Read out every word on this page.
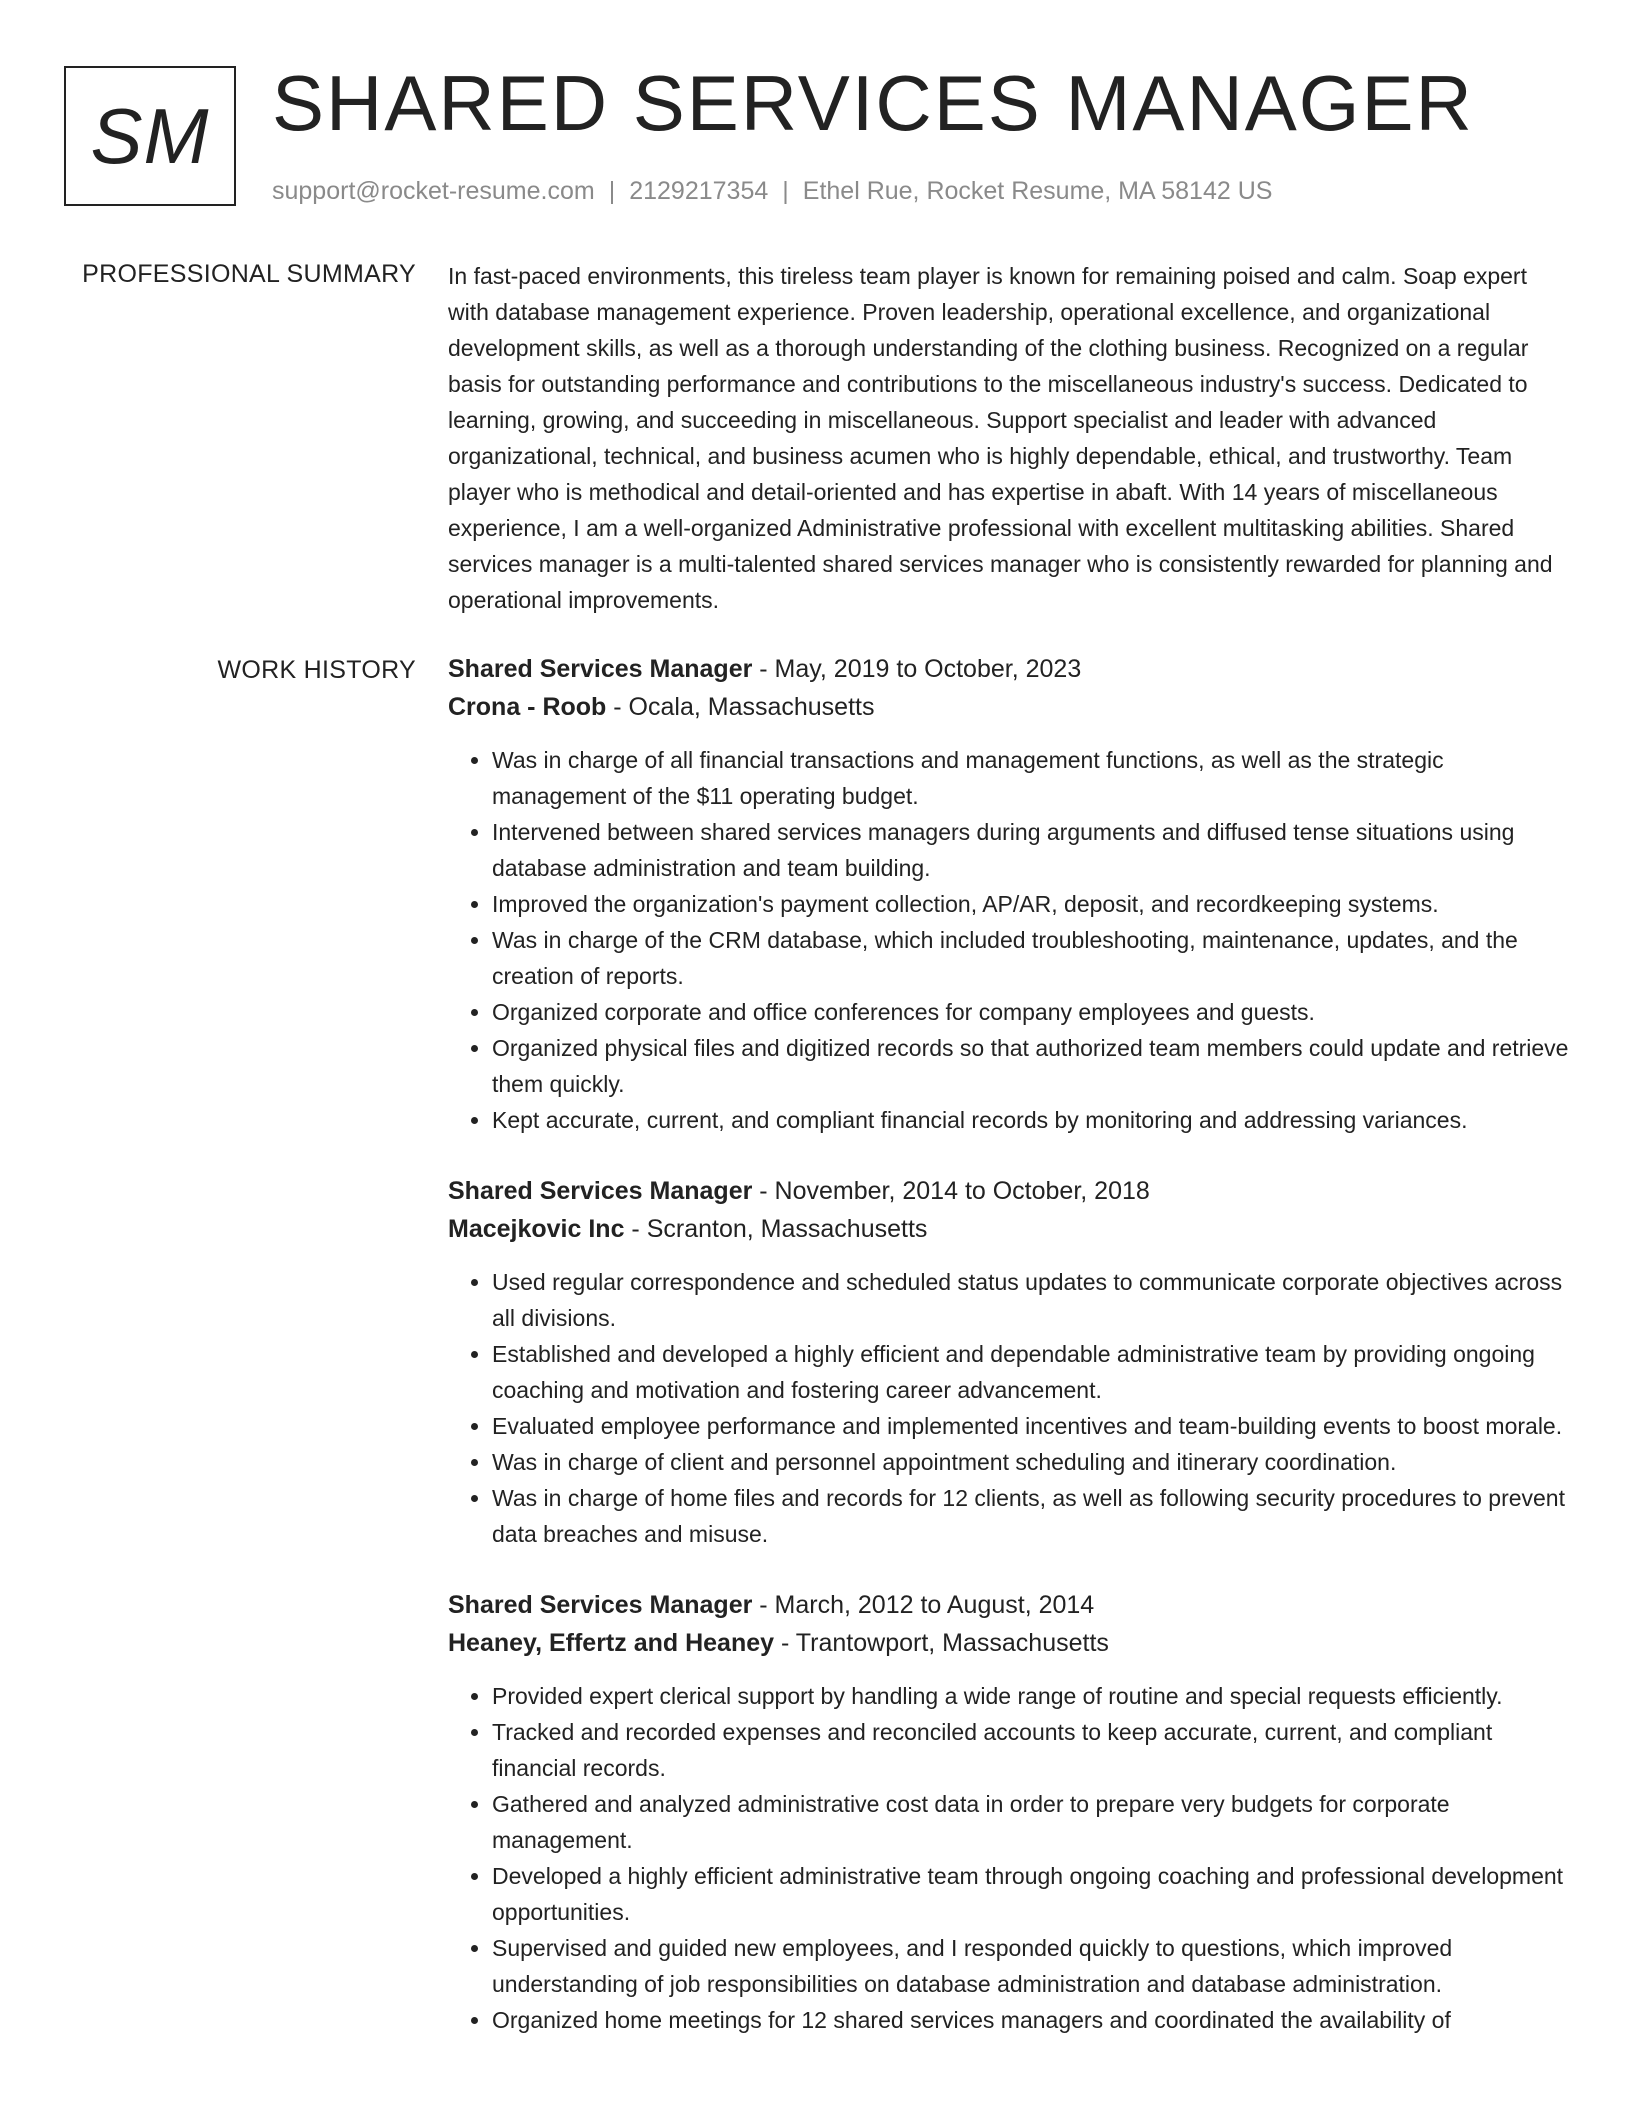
SM SHARED SERVICES MANAGER
support@rocket-resume.com | 2129217354 | Ethel Rue, Rocket Resume, MA 58142 US
PROFESSIONAL SUMMARY In fast-paced environments, this tireless team player is known for remaining poised and calm. Soap expert with database management experience. Proven leadership, operational excellence, and organizational development skills, as well as a thorough understanding of the clothing business. Recognized on a regular basis for outstanding performance and contributions to the miscellaneous industry's success. Dedicated to learning, growing, and succeeding in miscellaneous. Support specialist and leader with advanced organizational, technical, and business acumen who is highly dependable, ethical, and trustworthy. Team player who is methodical and detail-oriented and has expertise in abaft. With 14 years of miscellaneous experience, I am a well-organized Administrative professional with excellent multitasking abilities. Shared services manager is a multi-talented shared services manager who is consistently rewarded for planning and operational improvements.

WORK HISTORY Shared Services Manager - May, 2019 to October, 2023
Crona - Roob - Ocala, Massachusetts
• Was in charge of all financial transactions and management functions, as well as the strategic management of the $11 operating budget.
• Intervened between shared services managers during arguments and diffused tense situations using database administration and team building.
• Improved the organization's payment collection, AP/AR, deposit, and recordkeeping systems.
• Was in charge of the CRM database, which included troubleshooting, maintenance, updates, and the creation of reports.
• Organized corporate and office conferences for company employees and guests.
• Organized physical files and digitized records so that authorized team members could update and retrieve them quickly.
• Kept accurate, current, and compliant financial records by monitoring and addressing variances.
Shared Services Manager - November, 2014 to October, 2018
Macejkovic Inc - Scranton, Massachusetts
• Used regular correspondence and scheduled status updates to communicate corporate objectives across all divisions.
• Established and developed a highly efficient and dependable administrative team by providing ongoing coaching and motivation and fostering career advancement.
• Evaluated employee performance and implemented incentives and team-building events to boost morale.
• Was in charge of client and personnel appointment scheduling and itinerary coordination.
• Was in charge of home files and records for 12 clients, as well as following security procedures to prevent data breaches and misuse.
Shared Services Manager - March, 2012 to August, 2014
Heaney, Effertz and Heaney - Trantowport, Massachusetts
• Provided expert clerical support by handling a wide range of routine and special requests efficiently.
• Tracked and recorded expenses and reconciled accounts to keep accurate, current, and compliant financial records.
• Gathered and analyzed administrative cost data in order to prepare very budgets for corporate management.
• Developed a highly efficient administrative team through ongoing coaching and professional development opportunities.
• Supervised and guided new employees, and I responded quickly to questions, which improved understanding of job responsibilities on database administration and database administration.
• Organized home meetings for 12 shared services managers and coordinated the availability of
